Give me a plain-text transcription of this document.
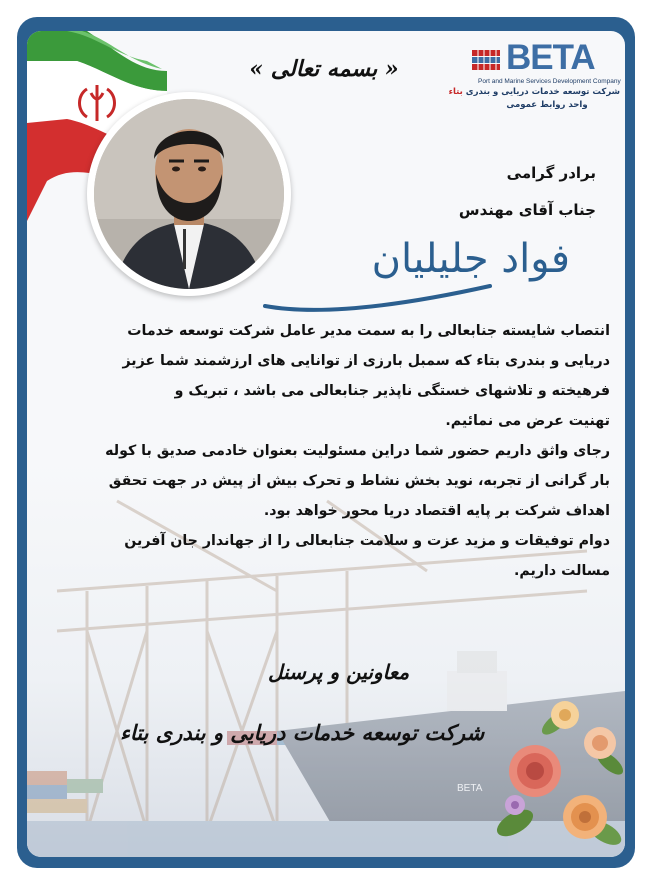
BETA
« بسمه تعالی »	BETA
Port and Marine Services Development Company
شرکت توسعه خدمات دریایی و بندری بتاء
واحد روابط عمومی
برادر گرامی
جناب آقای مهندس
فواد جلیلیان

انتصاب شایسته جنابعالی را به سمت مدیر عامل شرکت توسعه خدمات

دریایی و بندری بتاء که سمبل بارزی از توانایی های ارزشمند شما عزیز

فرهیخته و تلاشهای خستگی ناپذیر جنابعالی می باشد ، تبریک و

تهنیت عرض می نمائیم.

رجای واثق داریم حضور شما دراین مسئولیت بعنوان خادمی صدیق با کوله

بار گرانی از تجربه، نوید بخش نشاط و تحرک بیش از پیش در جهت تحقق

اهداف شرکت بر پایه اقتصاد دریا محور خواهد بود.

دوام توفیقات و مزید عزت و سلامت جنابعالی را از جهاندار جان آفرین

مسالت داریم.

معاونین و پرسنل
شرکت توسعه خدمات دریایی و بندری بتاء
